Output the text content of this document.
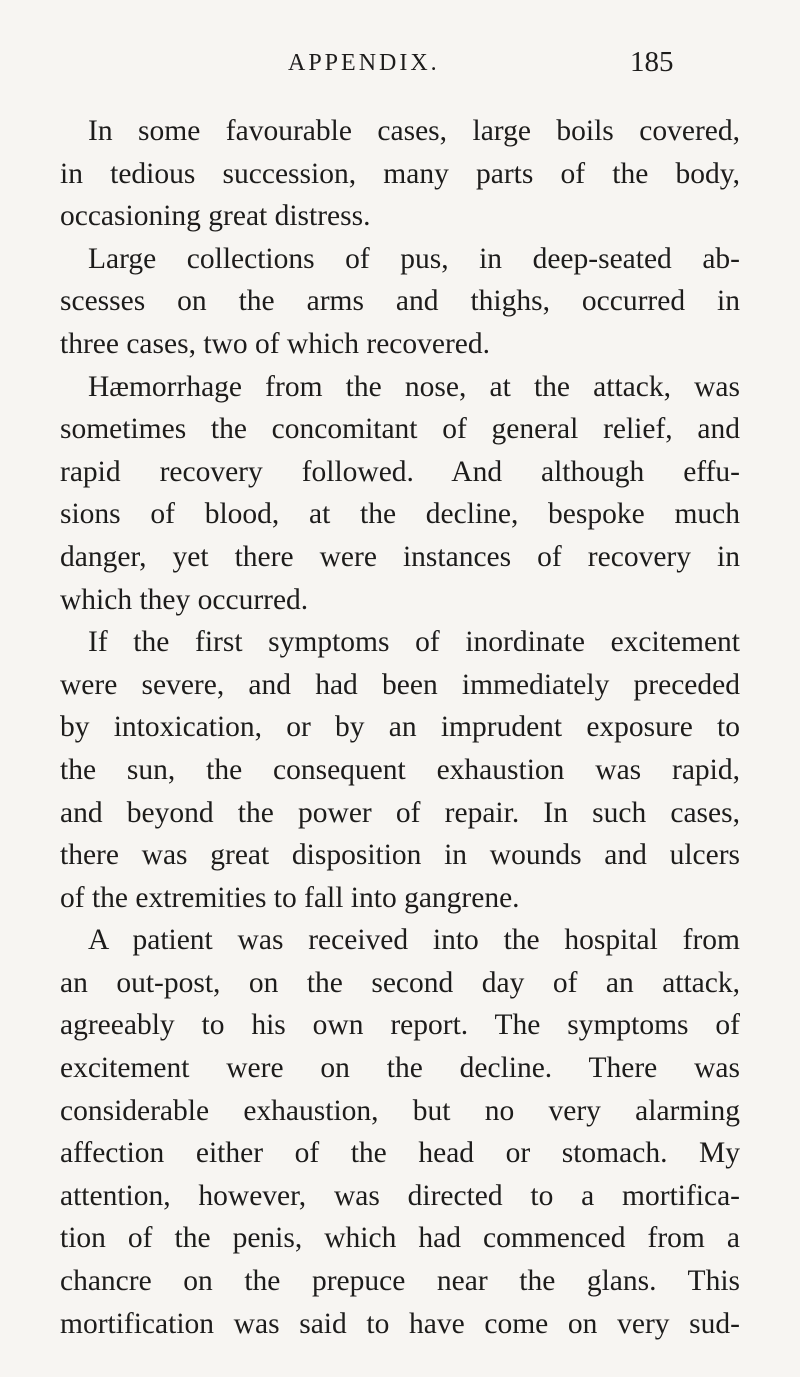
APPENDIX.	185
In some favourable cases, large boils covered,
in tedious succession, many parts of the body,
occasioning great distress.
Large collections of pus, in deep-seated ab-
scesses on the arms and thighs, occurred in
three cases, two of which recovered.
Hæmorrhage from the nose, at the attack, was
sometimes the concomitant of general relief, and
rapid recovery followed. And although effu-
sions of blood, at the decline, bespoke much
danger, yet there were instances of recovery in
which they occurred.
If the first symptoms of inordinate excitement
were severe, and had been immediately preceded
by intoxication, or by an imprudent exposure to
the sun, the consequent exhaustion was rapid,
and beyond the power of repair. In such cases,
there was great disposition in wounds and ulcers
of the extremities to fall into gangrene.
A patient was received into the hospital from
an out-post, on the second day of an attack,
agreeably to his own report. The symptoms of
excitement were on the decline. There was
considerable exhaustion, but no very alarming
affection either of the head or stomach. My
attention, however, was directed to a mortifica-
tion of the penis, which had commenced from a
chancre on the prepuce near the glans. This
mortification was said to have come on very sud-
